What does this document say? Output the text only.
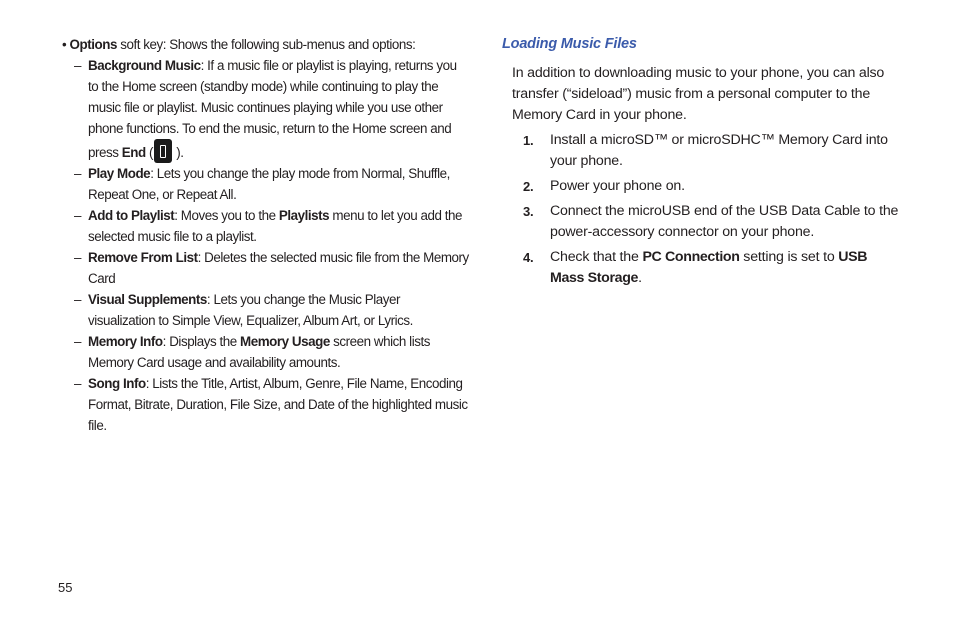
• Options soft key: Shows the following sub-menus and options:

– Background Music: If a music file or playlist is playing, returns you to the Home screen (standby mode) while continuing to play the music file or playlist. Music continues playing while you use other phone functions. To end the music, return to the Home screen and press End ( ).
– Play Mode: Lets you change the play mode from Normal, Shuffle, Repeat One, or Repeat All.
– Add to Playlist: Moves you to the Playlists menu to let you add the selected music file to a playlist.
– Remove From List: Deletes the selected music file from the Memory Card
– Visual Supplements: Lets you change the Music Player visualization to Simple View, Equalizer, Album Art, or Lyrics.
– Memory Info: Displays the Memory Usage screen which lists Memory Card usage and availability amounts.
– Song Info: Lists the Title, Artist, Album, Genre, File Name, Encoding Format, Bitrate, Duration, File Size, and Date of the highlighted music file.
Loading Music Files

In addition to downloading music to your phone, you can also transfer (“sideload”) music from a personal computer to the Memory Card in your phone.

1. Install a microSD™ or microSDHC™ Memory Card into your phone.
2. Power your phone on.
3. Connect the microUSB end of the USB Data Cable to the power-accessory connector on your phone.
4. Check that the PC Connection setting is set to USB Mass Storage.
55
